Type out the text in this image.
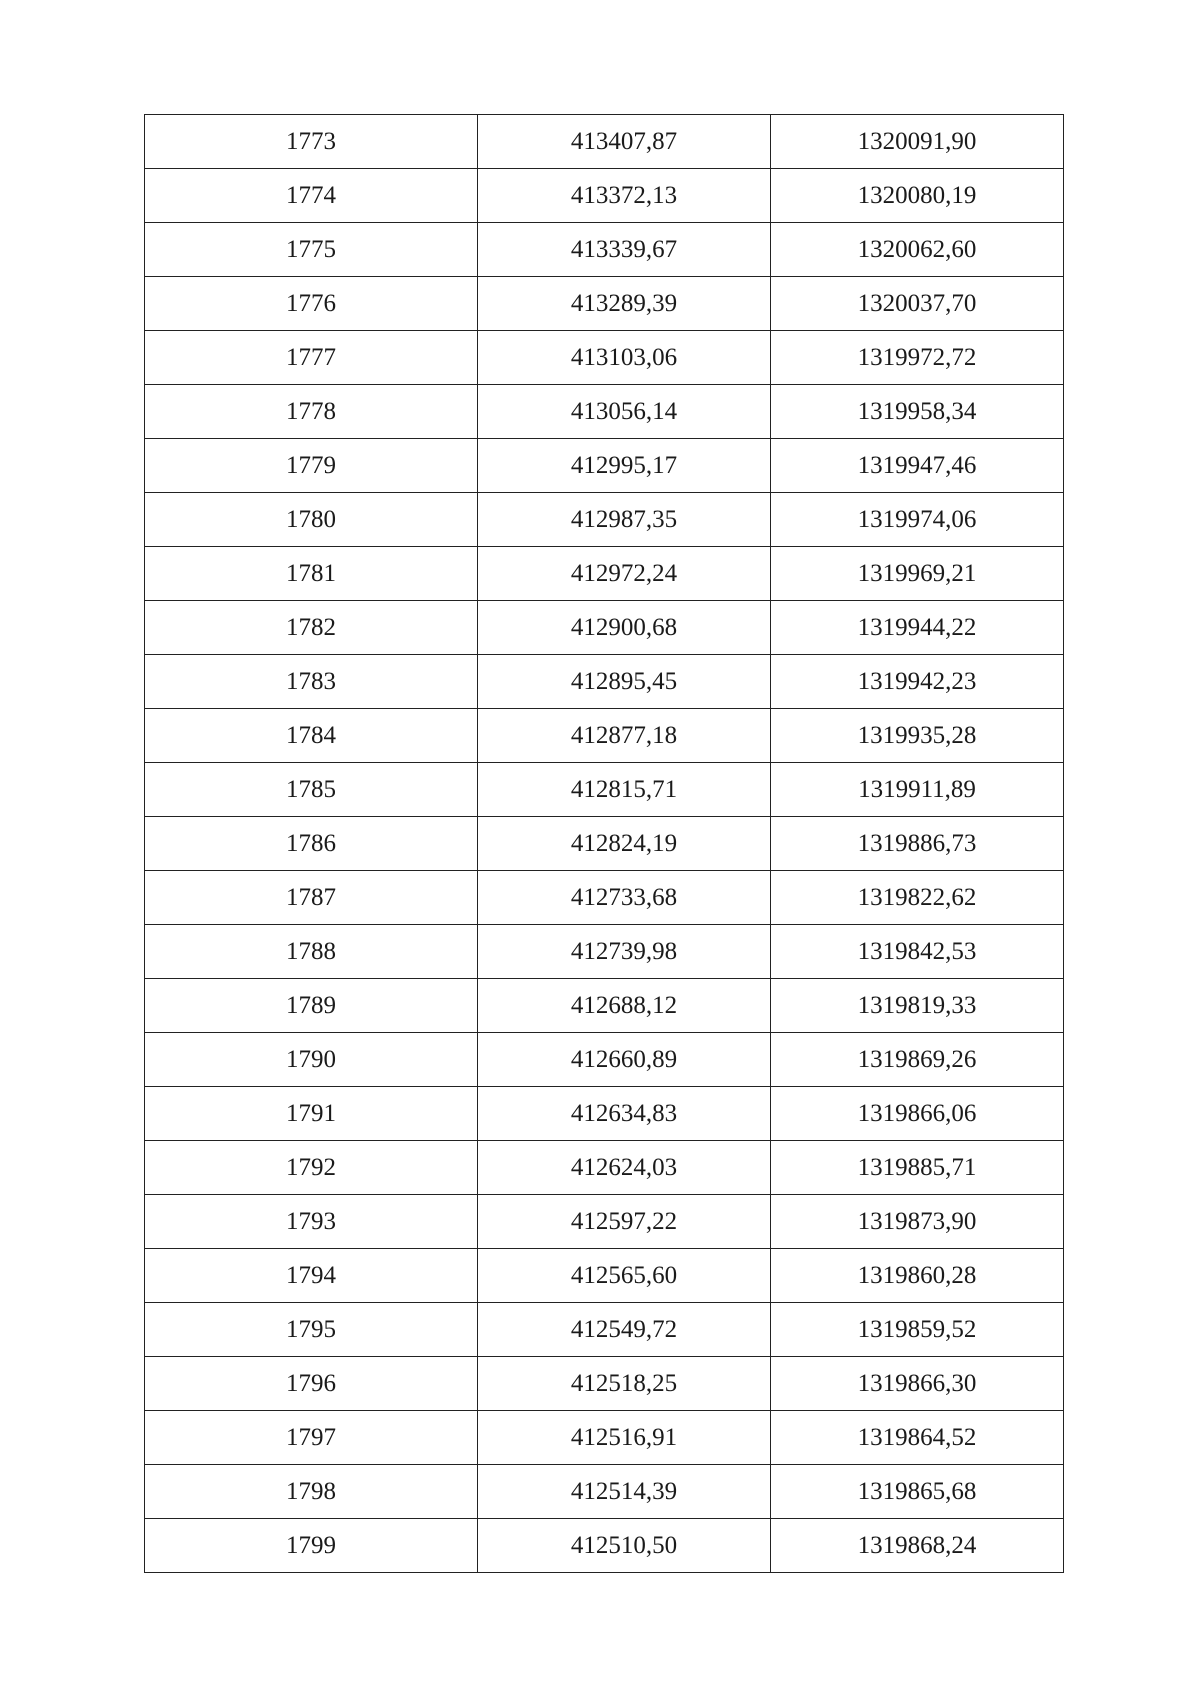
1773	413407,87	1320091,90
1774	413372,13	1320080,19
1775	413339,67	1320062,60
1776	413289,39	1320037,70
1777	413103,06	1319972,72
1778	413056,14	1319958,34
1779	412995,17	1319947,46
1780	412987,35	1319974,06
1781	412972,24	1319969,21
1782	412900,68	1319944,22
1783	412895,45	1319942,23
1784	412877,18	1319935,28
1785	412815,71	1319911,89
1786	412824,19	1319886,73
1787	412733,68	1319822,62
1788	412739,98	1319842,53
1789	412688,12	1319819,33
1790	412660,89	1319869,26
1791	412634,83	1319866,06
1792	412624,03	1319885,71
1793	412597,22	1319873,90
1794	412565,60	1319860,28
1795	412549,72	1319859,52
1796	412518,25	1319866,30
1797	412516,91	1319864,52
1798	412514,39	1319865,68
1799	412510,50	1319868,24
